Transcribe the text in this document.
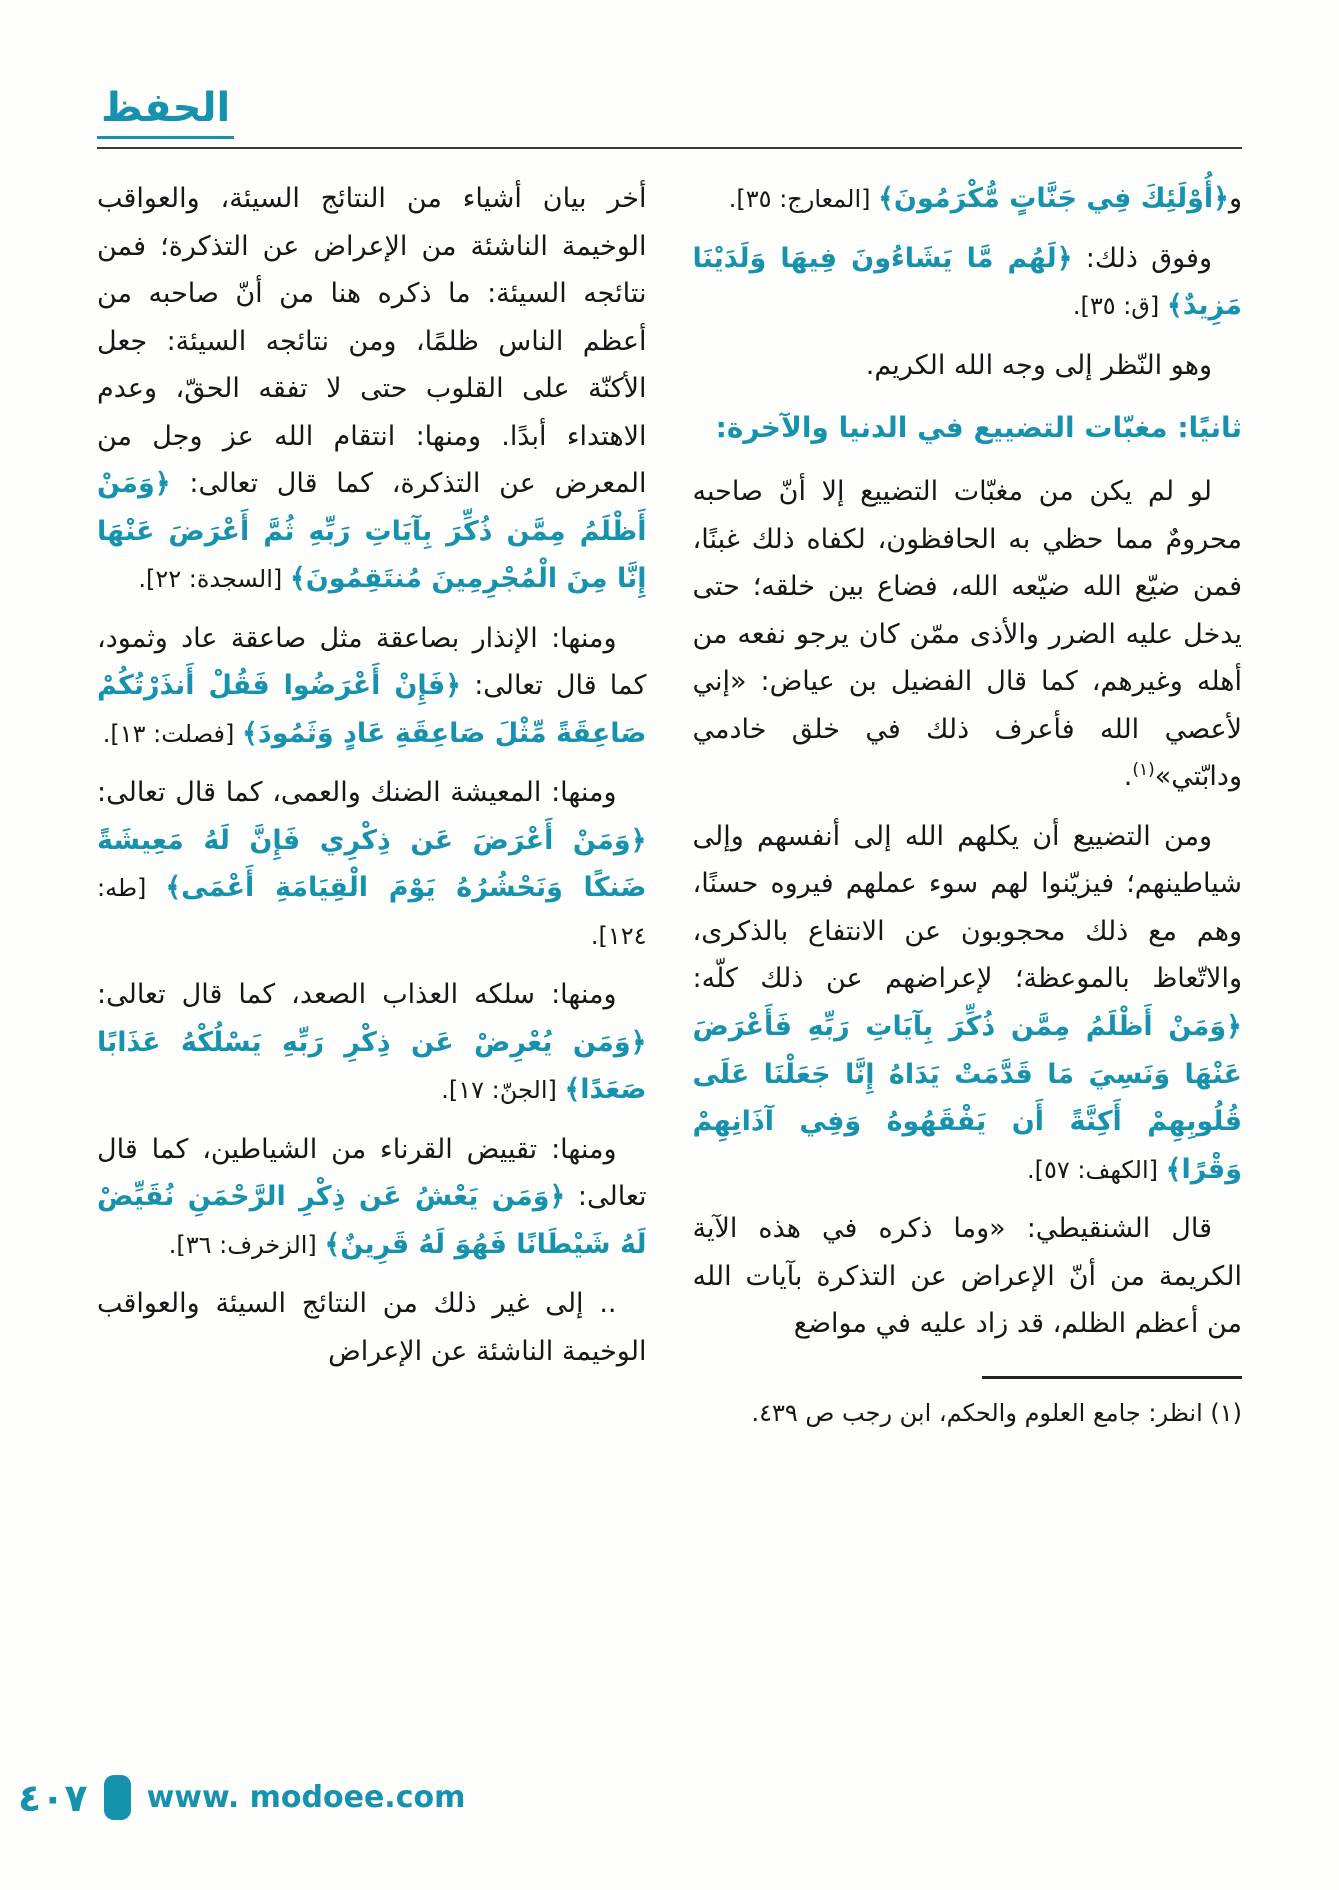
الحفظ

و﴿أُوْلَئِكَ فِي جَنَّاتٍ مُّكْرَمُونَ﴾ [المعارج: ٣٥].

وفوق ذلك: ﴿لَهُم مَّا يَشَاءُونَ فِيهَا وَلَدَيْنَا مَزِيدٌ﴾ [ق: ٣٥].

وهو النّظر إلى وجه الله الكريم.

ثانيًا: مغبّات التضييع في الدنيا والآخرة:

لو لم يكن من مغبّات التضييع إلا أنّ صاحبه محرومٌ مما حظي به الحافظون، لكفاه ذلك غبنًا، فمن ضيّع الله ضيّعه الله، فضاع بين خلقه؛ حتى يدخل عليه الضرر والأذى ممّن كان يرجو نفعه من أهله وغيرهم، كما قال الفضيل بن عياض: «إني لأعصي الله فأعرف ذلك في خلق خادمي ودابّتي»$^{(١)}$.

ومن التضييع أن يكلهم الله إلى أنفسهم وإلى شياطينهم؛ فيزيّنوا لهم سوء عملهم فيروه حسنًا، وهم مع ذلك محجوبون عن الانتفاع بالذكرى، والاتّعاظ بالموعظة؛ لإعراضهم عن ذلك كلّه: ﴿وَمَنْ أَظْلَمُ مِمَّن ذُكِّرَ بِآيَاتِ رَبِّهِ فَأَعْرَضَ عَنْهَا وَنَسِيَ مَا قَدَّمَتْ يَدَاهُ إِنَّا جَعَلْنَا عَلَى قُلُوبِهِمْ أَكِنَّةً أَن يَفْقَهُوهُ وَفِي آذَانِهِمْ وَقْرًا﴾ [الكهف: ٥٧].

قال الشنقيطي: «وما ذكره في هذه الآية الكريمة من أنّ الإعراض عن التذكرة بآيات الله من أعظم الظلم، قد زاد عليه في مواضع

(١) انظر: جامع العلوم والحكم، ابن رجب ص ٤٣٩.

أخر بيان أشياء من النتائج السيئة، والعواقب الوخيمة الناشئة من الإعراض عن التذكرة؛ فمن نتائجه السيئة: ما ذكره هنا من أنّ صاحبه من أعظم الناس ظلمًا، ومن نتائجه السيئة: جعل الأكنّة على القلوب حتى لا تفقه الحقّ، وعدم الاهتداء أبدًا. ومنها: انتقام الله عز وجل من المعرض عن التذكرة، كما قال تعالى: ﴿وَمَنْ أَظْلَمُ مِمَّن ذُكِّرَ بِآيَاتِ رَبِّهِ ثُمَّ أَعْرَضَ عَنْهَا إِنَّا مِنَ الْمُجْرِمِينَ مُنتَقِمُونَ﴾ [السجدة: ٢٢].

ومنها: الإنذار بصاعقة مثل صاعقة عاد وثمود، كما قال تعالى: ﴿فَإِنْ أَعْرَضُوا فَقُلْ أَنذَرْتُكُمْ صَاعِقَةً مِّثْلَ صَاعِقَةِ عَادٍ وَثَمُودَ﴾ [فصلت: ١٣].

ومنها: المعيشة الضنك والعمى، كما قال تعالى: ﴿وَمَنْ أَعْرَضَ عَن ذِكْرِي فَإِنَّ لَهُ مَعِيشَةً ضَنكًا وَنَحْشُرُهُ يَوْمَ الْقِيَامَةِ أَعْمَى﴾ [طه: ١٢٤].

ومنها: سلكه العذاب الصعد، كما قال تعالى: ﴿وَمَن يُعْرِضْ عَن ذِكْرِ رَبِّهِ يَسْلُكْهُ عَذَابًا صَعَدًا﴾ [الجنّ: ١٧].

ومنها: تقييض القرناء من الشياطين، كما قال تعالى: ﴿وَمَن يَعْشُ عَن ذِكْرِ الرَّحْمَنِ نُقَيِّضْ لَهُ شَيْطَانًا فَهُوَ لَهُ قَرِينٌ﴾ [الزخرف: ٣٦].

.. إلى غير ذلك من النتائج السيئة والعواقب الوخيمة الناشئة عن الإعراض

٤٠٧ www. modoee.com
